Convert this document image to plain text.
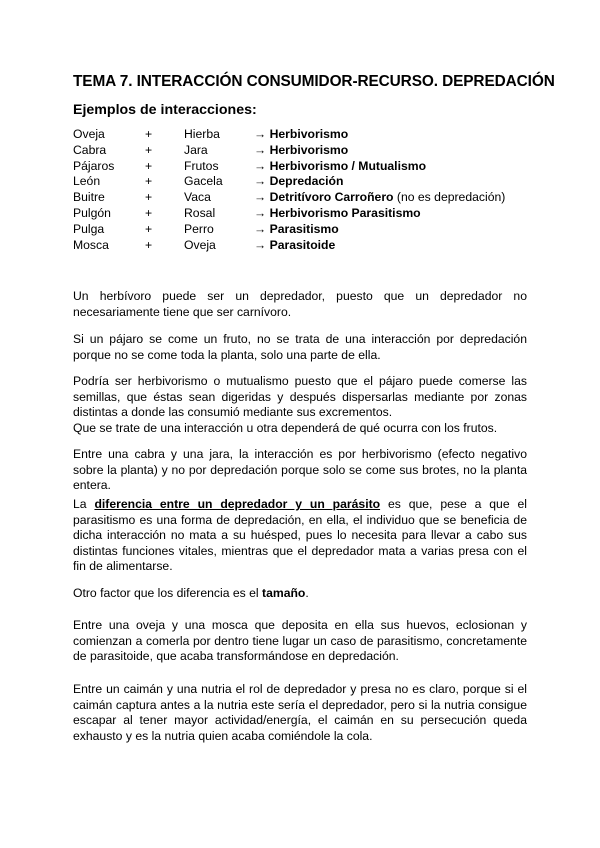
TEMA 7. INTERACCIÓN CONSUMIDOR-RECURSO. DEPREDACIÓN
Ejemplos de interacciones:
Oveja	+	Hierba	→ Herbivorismo
Cabra	+	Jara	→ Herbivorismo
Pájaros	+	Frutos	→ Herbivorismo / Mutualismo
León	+	Gacela	→ Depredación
Buitre	+	Vaca	→ Detritívoro Carroñero (no es depredación)
Pulgón	+	Rosal	→ Herbivorismo Parasitismo
Pulga	+	Perro	→ Parasitismo
Mosca	+	Oveja	→ Parasitoide

Un herbívoro puede ser un depredador, puesto que un depredador no necesariamente tiene que ser carnívoro.

Si un pájaro se come un fruto, no se trata de una interacción por depredación porque no se come toda la planta, solo una parte de ella.

Podría ser herbivorismo o mutualismo puesto que el pájaro puede comerse las semillas, que éstas sean digeridas y después dispersarlas mediante por zonas distintas a donde las consumió mediante sus excrementos.

Que se trate de una interacción u otra dependerá de qué ocurra con los frutos.

Entre una cabra y una jara, la interacción es por herbivorismo (efecto negativo sobre la planta) y no por depredación porque solo se come sus brotes, no la planta entera.

La diferencia entre un depredador y un parásito es que, pese a que el parasitismo es una forma de depredación, en ella, el individuo que se beneficia de dicha interacción no mata a su huésped, pues lo necesita para llevar a cabo sus distintas funciones vitales, mientras que el depredador mata a varias presa con el fin de alimentarse.

Otro factor que los diferencia es el tamaño.

Entre una oveja y una mosca que deposita en ella sus huevos, eclosionan y comienzan a comerla por dentro tiene lugar un caso de parasitismo, concretamente de parasitoide, que acaba transformándose en depredación.

Entre un caimán y una nutria el rol de depredador y presa no es claro, porque si el caimán captura antes a la nutria este sería el depredador, pero si la nutria consigue escapar al tener mayor actividad/energía, el caimán en su persecución queda exhausto y es la nutria quien acaba comiéndole la cola.
